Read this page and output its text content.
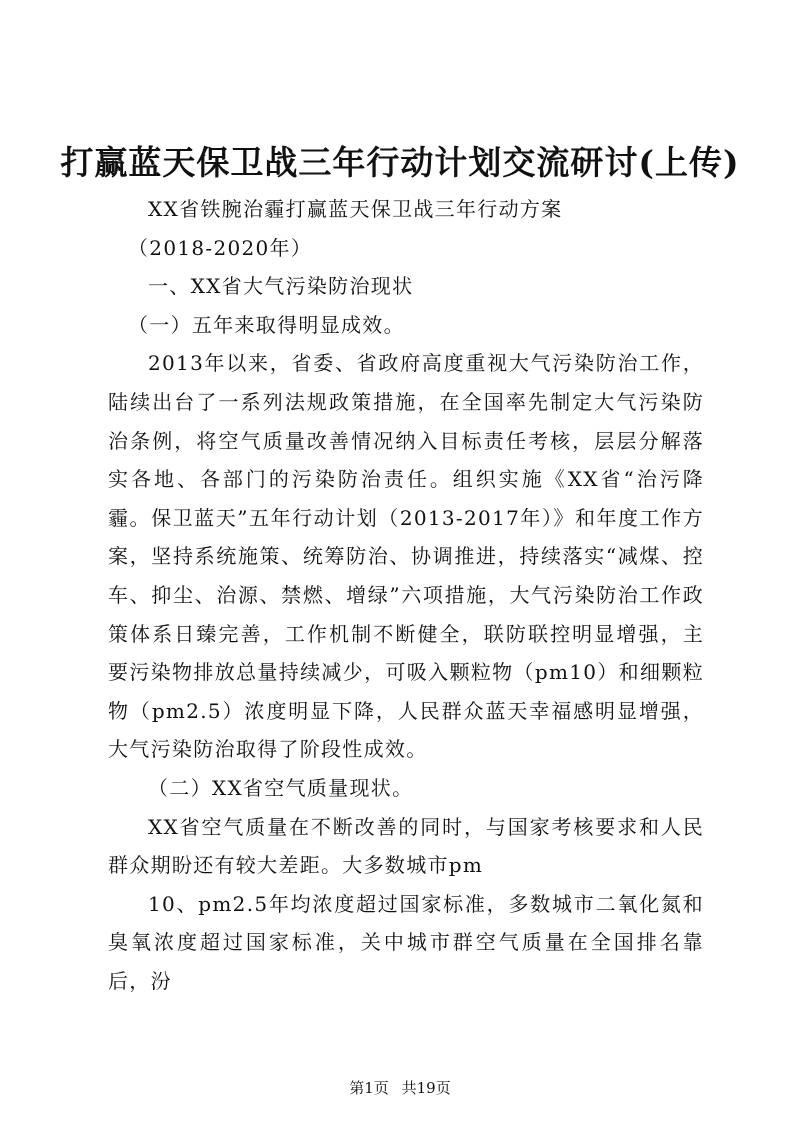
打赢蓝天保卫战三年行动计划交流研讨(上传)

XX省铁腕治霾打赢蓝天保卫战三年行动方案

（2018-2020年）

一、XX省大气污染防治现状

（一）五年来取得明显成效。

2013年以来，省委、省政府高度重视大气污染防治工作，陆续出台了一系列法规政策措施，在全国率先制定大气污染防治条例，将空气质量改善情况纳入目标责任考核，层层分解落实各地、各部门的污染防治责任。组织实施《XX省“治污降霾。保卫蓝天”五年行动计划（2013-2017年）》和年度工作方案，坚持系统施策、统筹防治、协调推进，持续落实“减煤、控车、抑尘、治源、禁燃、增绿”六项措施，大气污染防治工作政策体系日臻完善，工作机制不断健全，联防联控明显增强，主要污染物排放总量持续减少，可吸入颗粒物（pm10）和细颗粒物（pm2.5）浓度明显下降，人民群众蓝天幸福感明显增强，大气污染防治取得了阶段性成效。

（二）XX省空气质量现状。

XX省空气质量在不断改善的同时，与国家考核要求和人民群众期盼还有较大差距。大多数城市pm

10、pm2.5年均浓度超过国家标准，多数城市二氧化氮和臭氧浓度超过国家标准，关中城市群空气质量在全国排名靠后，汾

第1页 共19页
